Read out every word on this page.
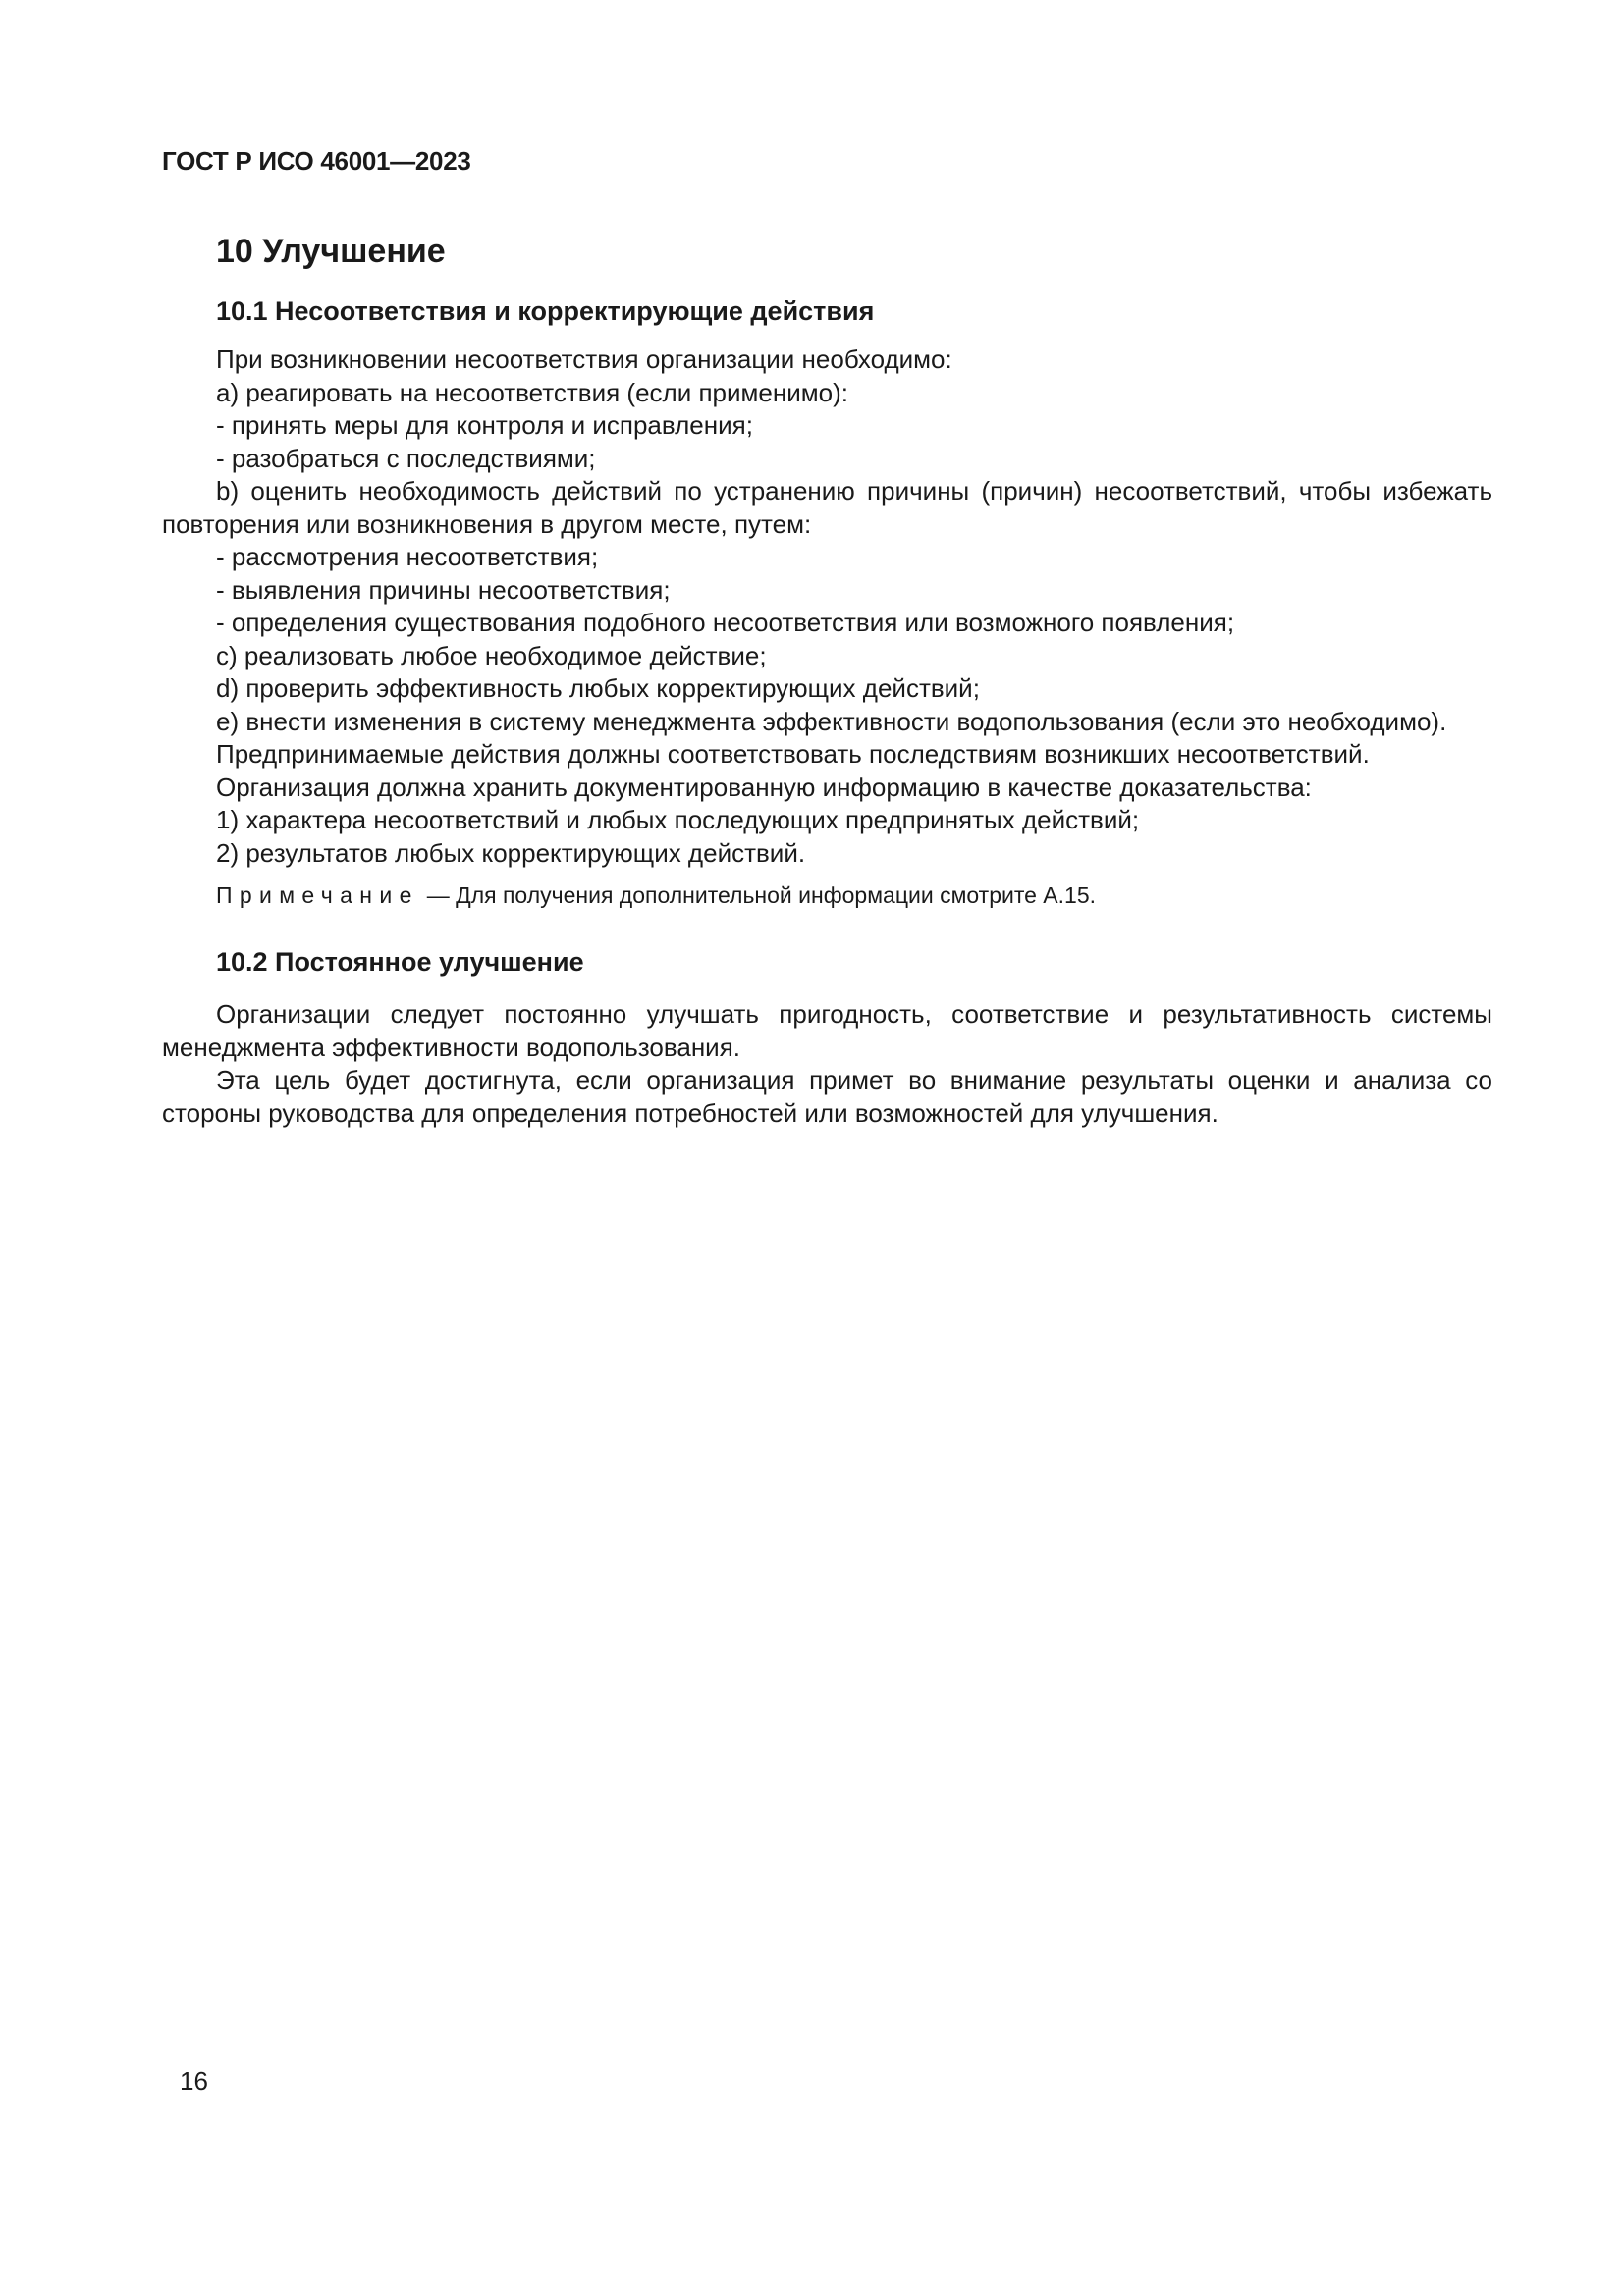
ГОСТ Р ИСО 46001—2023
10 Улучшение
10.1 Несоответствия и корректирующие действия

При возникновении несоответствия организации необходимо:

a) реагировать на несоответствия (если применимо):

- принять меры для контроля и исправления;

- разобраться с последствиями;

b) оценить необходимость действий по устранению причины (причин) несоответствий, чтобы избежать повторения или возникновения в другом месте, путем:

- рассмотрения несоответствия;

- выявления причины несоответствия;

- определения существования подобного несоответствия или возможного появления;

c) реализовать любое необходимое действие;

d) проверить эффективность любых корректирующих действий;

e) внести изменения в систему менеджмента эффективности водопользования (если это необходимо).

Предпринимаемые действия должны соответствовать последствиям возникших несоответствий.

Организация должна хранить документированную информацию в качестве доказательства:

1) характера несоответствий и любых последующих предпринятых действий;

2) результатов любых корректирующих действий.

Примечание — Для получения дополнительной информации смотрите А.15.

10.2 Постоянное улучшение

Организации следует постоянно улучшать пригодность, соответствие и результативность системы менеджмента эффективности водопользования.

Эта цель будет достигнута, если организация примет во внимание результаты оценки и анализа со стороны руководства для определения потребностей или возможностей для улучшения.

16
